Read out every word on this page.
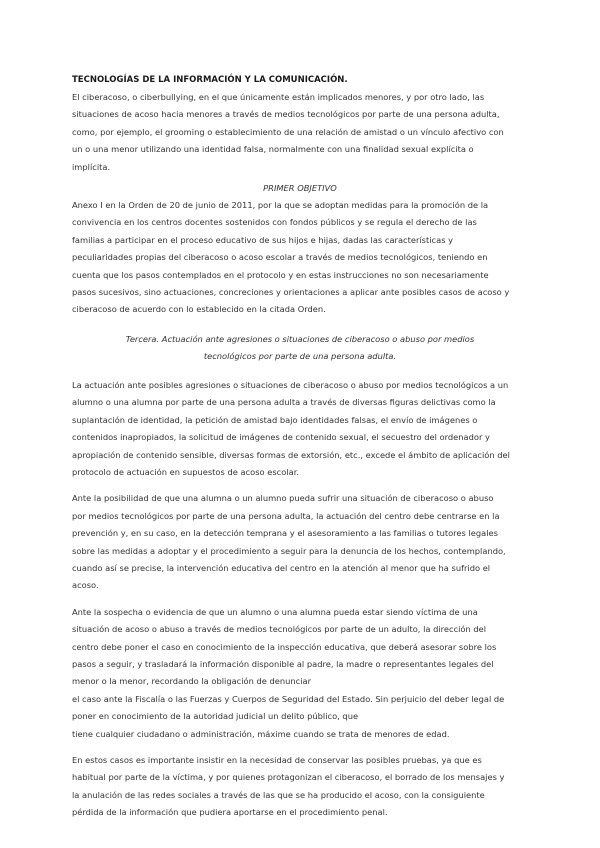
TECNOLOGÍAS DE LA INFORMACIÓN Y LA COMUNICACIÓN.

El ciberacoso, o ciberbullying, en el que únicamente están implicados menores, y por otro lado, las
situaciones de acoso hacia menores a través de medios tecnológicos por parte de una persona adulta,
como, por ejemplo, el grooming o establecimiento de una relación de amistad o un vínculo afectivo con
un o una menor utilizando una identidad falsa, normalmente con una finalidad sexual explícita o
implícita.

PRIMER OBJETIVO

Anexo I en la Orden de 20 de junio de 2011, por la que se adoptan medidas para la promoción de la
convivencia en los centros docentes sostenidos con fondos públicos y se regula el derecho de las
familias a participar en el proceso educativo de sus hijos e hijas, dadas las características y
peculiaridades propias del ciberacoso o acoso escolar a través de medios tecnológicos, teniendo en
cuenta que los pasos contemplados en el protocolo y en estas instrucciones no son necesariamente
pasos sucesivos, sino actuaciones, concreciones y orientaciones a aplicar ante posibles casos de acoso y
ciberacoso de acuerdo con lo establecido en la citada Orden.

Tercera. Actuación ante agresiones o situaciones de ciberacoso o abuso por medios
tecnológicos por parte de una persona adulta.

La actuación ante posibles agresiones o situaciones de ciberacoso o abuso por medios tecnológicos a un
alumno o una alumna por parte de una persona adulta a través de diversas figuras delictivas como la
suplantación de identidad, la petición de amistad bajo identidades falsas, el envío de imágenes o
contenidos inapropiados, la solicitud de imágenes de contenido sexual, el secuestro del ordenador y
apropiación de contenido sensible, diversas formas de extorsión, etc., excede el ámbito de aplicación del
protocolo de actuación en supuestos de acoso escolar.

Ante la posibilidad de que una alumna o un alumno pueda sufrir una situación de ciberacoso o abuso
por medios tecnológicos por parte de una persona adulta, la actuación del centro debe centrarse en la
prevención y, en su caso, en la detección temprana y el asesoramiento a las familias o tutores legales
sobre las medidas a adoptar y el procedimiento a seguir para la denuncia de los hechos, contemplando,
cuando así se precise, la intervención educativa del centro en la atención al menor que ha sufrido el
acoso.

Ante la sospecha o evidencia de que un alumno o una alumna pueda estar siendo víctima de una
situación de acoso o abuso a través de medios tecnológicos por parte de un adulto, la dirección del
centro debe poner el caso en conocimiento de la inspección educativa, que deberá asesorar sobre los
pasos a seguir, y trasladará la información disponible al padre, la madre o representantes legales del
menor o la menor, recordando la obligación de denunciar
el caso ante la Fiscalía o las Fuerzas y Cuerpos de Seguridad del Estado. Sin perjuicio del deber legal de
poner en conocimiento de la autoridad judicial un delito público, que
tiene cualquier ciudadano o administración, máxime cuando se trata de menores de edad.

En estos casos es importante insistir en la necesidad de conservar las posibles pruebas, ya que es
habitual por parte de la víctima, y por quienes protagonizan el ciberacoso, el borrado de los mensajes y
la anulación de las redes sociales a través de las que se ha producido el acoso, con la consiguiente
pérdida de la información que pudiera aportarse en el procedimiento penal.
